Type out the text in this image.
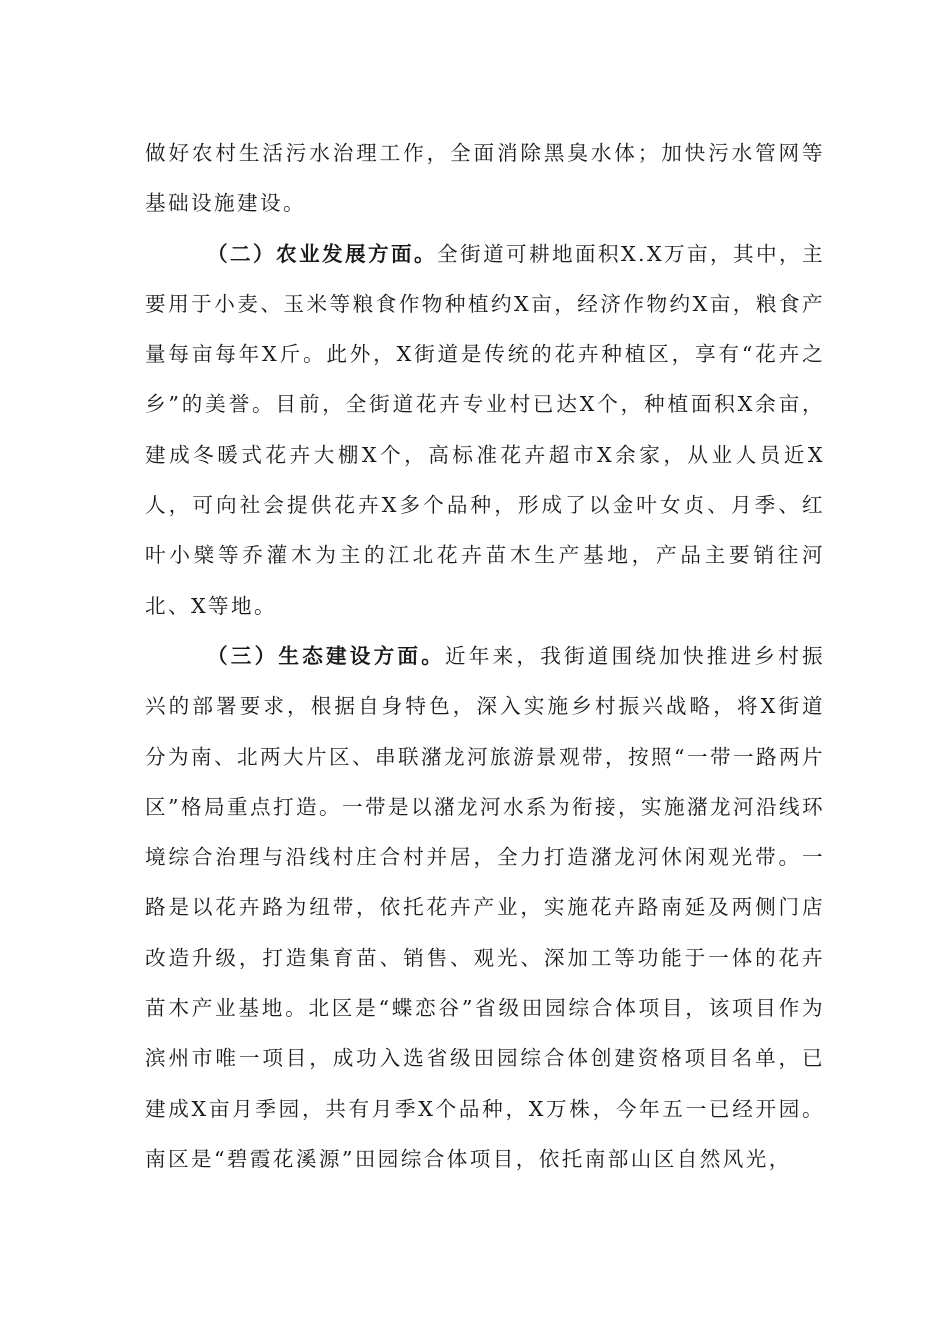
做好农村生活污水治理工作，全面消除黑臭水体；加快污水管网等基础设施建设。

（二）农业发展方面。全街道可耕地面积X.X万亩，其中，主要用于小麦、玉米等粮食作物种植约X亩，经济作物约X亩，粮食产量每亩每年X斤。此外，X街道是传统的花卉种植区，享有“花卉之乡”的美誉。目前，全街道花卉专业村已达X个，种植面积X余亩，建成冬暖式花卉大棚X个，高标准花卉超市X余家，从业人员近X人，可向社会提供花卉X多个品种，形成了以金叶女贞、月季、红叶小檗等乔灌木为主的江北花卉苗木生产基地，产品主要销往河北、X等地。

（三）生态建设方面。近年来，我街道围绕加快推进乡村振兴的部署要求，根据自身特色，深入实施乡村振兴战略，将X街道分为南、北两大片区、串联潴龙河旅游景观带，按照“一带一路两片区”格局重点打造。一带是以潴龙河水系为衔接，实施潴龙河沿线环境综合治理与沿线村庄合村并居，全力打造潴龙河休闲观光带。一路是以花卉路为纽带，依托花卉产业，实施花卉路南延及两侧门店改造升级，打造集育苗、销售、观光、深加工等功能于一体的花卉苗木产业基地。北区是“蝶恋谷”省级田园综合体项目，该项目作为滨州市唯一项目，成功入选省级田园综合体创建资格项目名单，已建成X亩月季园，共有月季X个品种，X万株，今年五一已经开园。南区是“碧霞花溪源”田园综合体项目，依托南部山区自然风光，
